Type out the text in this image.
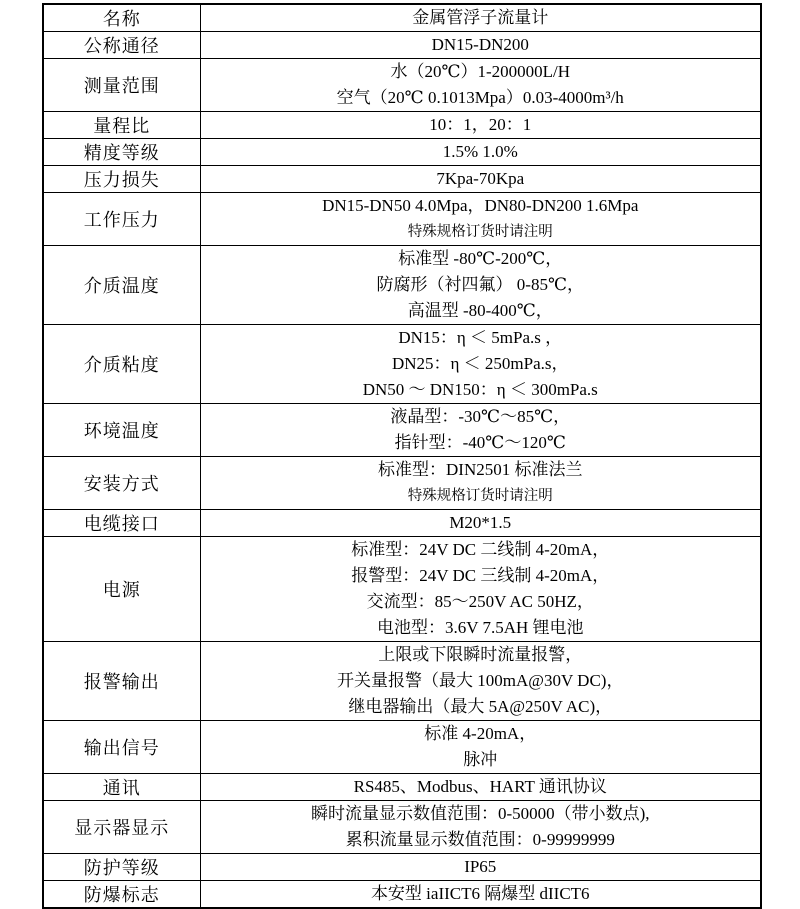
名称	金属管浮子流量计

公称通径	DN15-DN200

测量范围	水（20℃）1-200000L/H
空气（20℃ 0.1013Mpa）0.03-4000m³/h

量程比	10：1，20：1

精度等级	1.5% 1.0%

压力损失	7Kpa-70Kpa

工作压力	DN15-DN50 4.0Mpa，DN80-DN200 1.6Mpa
特殊规格订货时请注明

介质温度	标准型 -80℃-200℃，
防腐形（衬四氟） 0-85℃，
高温型 -80-400℃，

介质粘度	DN15：η ＜ 5mPa.s ，
DN25：η ＜ 250mPa.s，
DN50 ～ DN150：η ＜ 300mPa.s

环境温度	液晶型：-30℃～85℃，
指针型：-40℃～120℃

安装方式	标准型：DIN2501 标准法兰
特殊规格订货时请注明

电缆接口	M20*1.5

电源	标准型：24V DC 二线制 4-20mA，
报警型：24V DC 三线制 4-20mA，
交流型：85～250V AC 50HZ，
电池型：3.6V 7.5AH 锂电池

报警输出	上限或下限瞬时流量报警，
开关量报警（最大 100mA@30V DC)，
继电器输出（最大 5A@250V AC)，

输出信号	标准 4-20mA，
脉冲

通讯	RS485、Modbus、HART 通讯协议

显示器显示	瞬时流量显示数值范围：0-50000（带小数点),
累积流量显示数值范围：0-99999999

防护等级	IP65

防爆标志	本安型 iaIICT6 隔爆型 dIICT6
